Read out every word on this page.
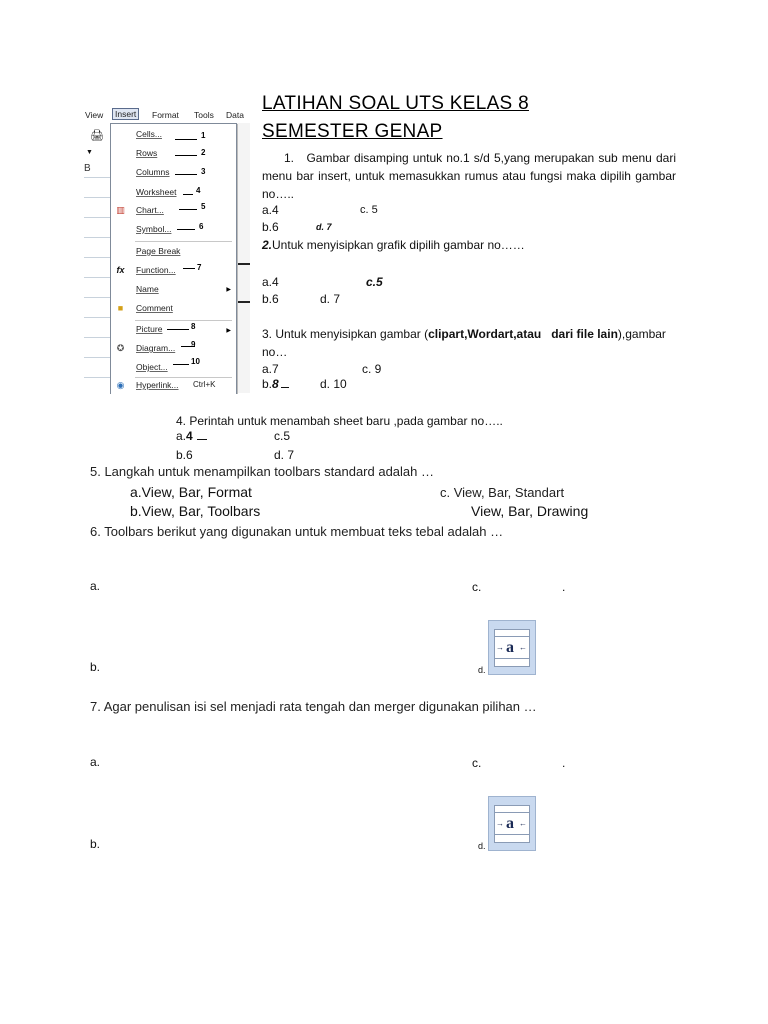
View	Insert	Format Tools Data
🖨
▼
B
Cells...	1
Rows	2
Columns	3
Worksheet 4
▥ Chart...	5
Symbol...	6
Page Break
fx Function...	7
Name	▶
■	Comment
Picture	8	▶
✪ Diagram... 9
Object...
10
◉ Hyperlink... Ctrl+K
LATIHAN SOAL UTS KELAS 8
SEMESTER GENAP
1. Gambar disamping untuk no.1 s/d 5,yang merupakan sub menu dari menu bar insert, untuk memasukkan rumus atau fungsi maka dipilih gambar no…..
a.4	c. 5
b.6	d. 7
2.Untuk menyisipkan grafik dipilih gambar no……
a.4	c.5
b.6	d. 7
3. Untuk menyisipkan gambar (clipart,Wordart,atau   dari file lain),gambar
no…
a.7	c. 9
b.8	d. 10
4. Perintah untuk menambah sheet baru ,pada gambar no…..
a.4	c.5
b.6	d. 7
5. Langkah untuk menampilkan toolbars standard adalah …
a.View, Bar, Format	c. View, Bar, Standart
b.View, Bar, Toolbars	View, Bar, Drawing
6. Toolbars berikut yang digunakan untuk membuat teks tebal adalah …
a.	c.	.
→ a ←
b.	d.
7. Agar penulisan isi sel menjadi rata tengah dan merger digunakan pilihan …
a.	c.	.
→ a ←
b.	d.
